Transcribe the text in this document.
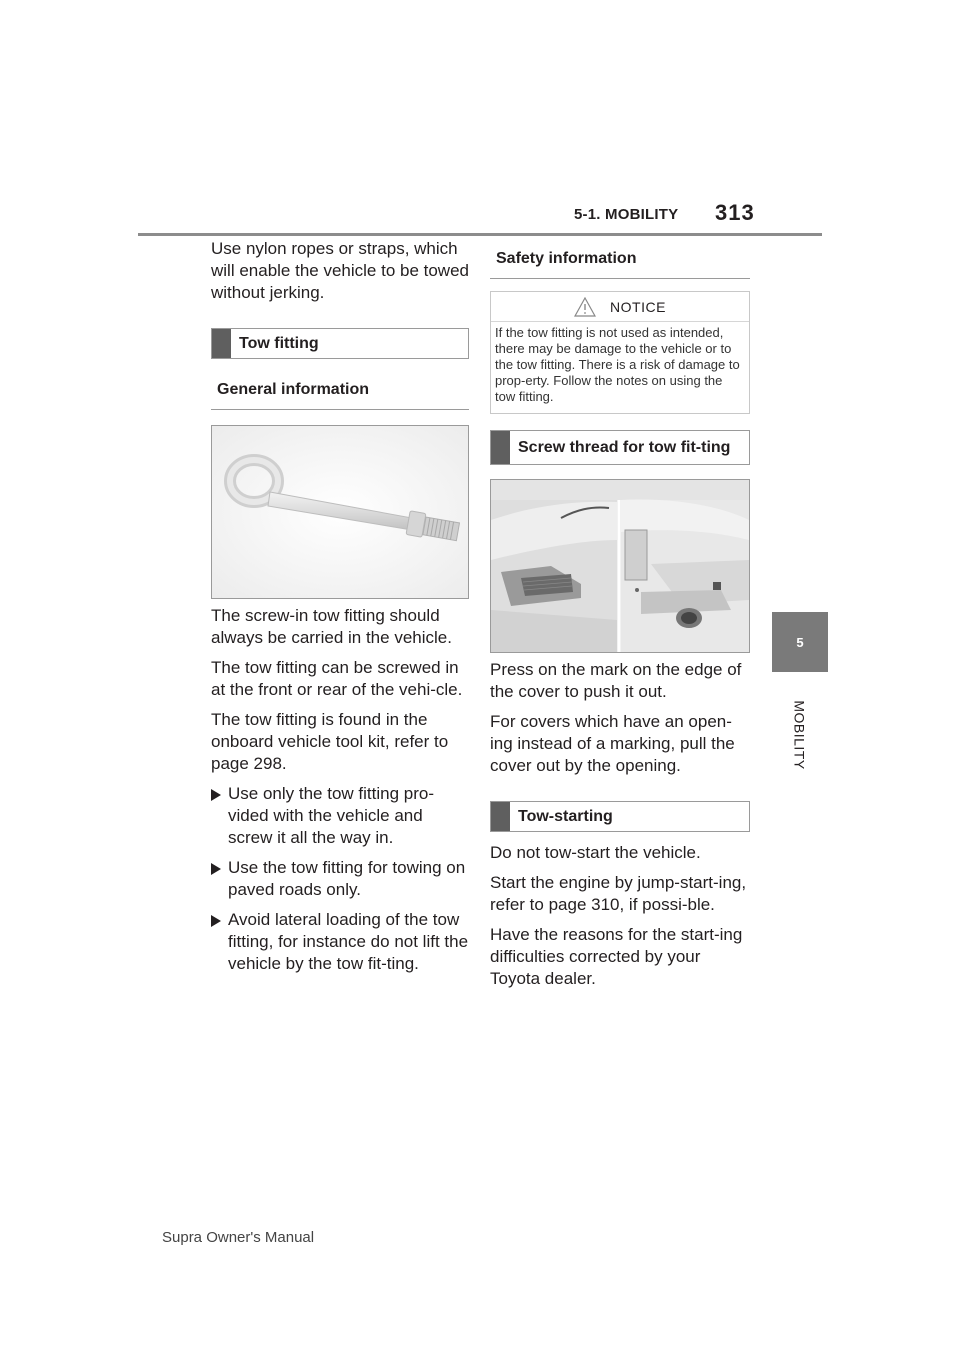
5-1. MOBILITY 313
5
MOBILITY

Use nylon ropes or straps, which will enable the vehicle to be towed without jerking.

Tow fitting
General information

The screw-in tow fitting should always be carried in the vehicle.

The tow fitting can be screwed in at the front or rear of the vehi-cle.

The tow fitting is found in the onboard vehicle tool kit, refer to page 298.

Use only the tow fitting pro-vided with the vehicle and screw it all the way in.
Use the tow fitting for towing on paved roads only.
Avoid lateral loading of the tow fitting, for instance do not lift the vehicle by the tow fit-ting.
Safety information
NOTICE
If the tow fitting is not used as intended, there may be damage to the vehicle or to the tow fitting. There is a risk of damage to prop-erty. Follow the notes on using the tow fitting.
Screw thread for tow fit-ting

Press on the mark on the edge of the cover to push it out.

For covers which have an open-ing instead of a marking, pull the cover out by the opening.

Tow-starting

Do not tow-start the vehicle.

Start the engine by jump-start-ing, refer to page 310, if possi-ble.

Have the reasons for the start-ing difficulties corrected by your Toyota dealer.

Supra Owner's Manual
